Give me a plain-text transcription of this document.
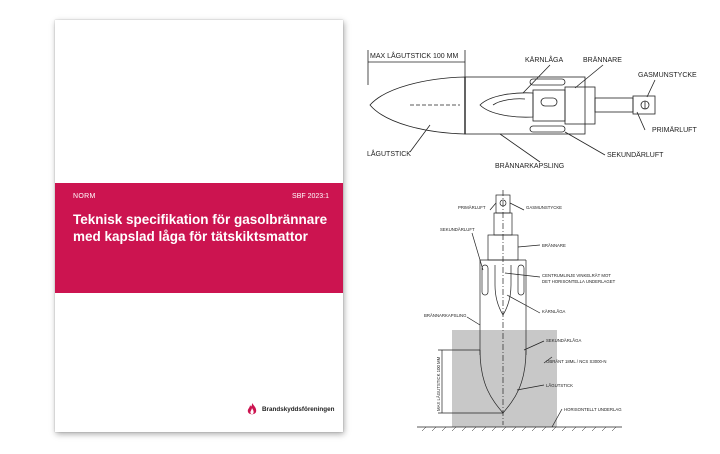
NORM	SBF 2023:1
Teknisk specifikation för gasolbrännare med kapslad låga för tätskiktsmattor
Brandskyddsföreningen
MAX LÅGUTSTICK 100 MM
KÄRNLÅGA	BRÄNNARE
GASMUNSTYCKE
PRIMÄRLUFT
SEKUNDÄRLUFT
BRÄNNARKAPSLING
LÅGUTSTICK
PRIMÄRLUFT	GASMUNSTYCKE
SEKUNDÄRLUFT
BRÄNNARE
CENTRUMLINJE VINKELRÄT MOT
DET HORISONTELLA UNDERLAGET
KÄRNLÅGA
BRÄNNARKAPSLING
SEKUNDÄRLÅGA
OBRÄNT 18ML / NCS S3000-N
LÅGUTSTICK
HORISONTELLT UNDERLAG
MAX LÅGUTSTICK 100 MM
